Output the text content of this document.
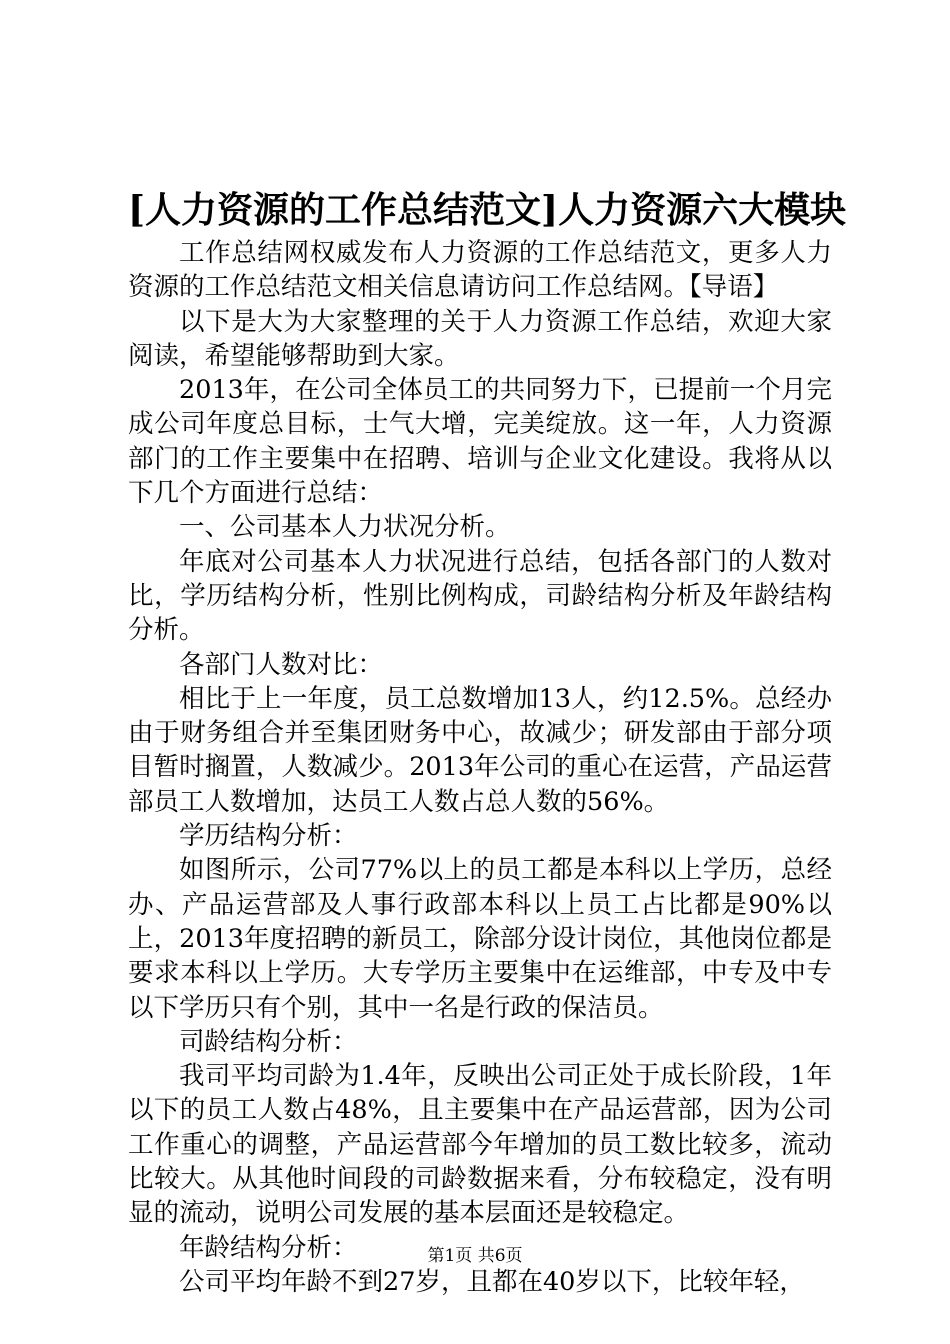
[人力资源的工作总结范文]人力资源六大模块

工作总结网权威发布人力资源的工作总结范文，更多人力资源的工作总结范文相关信息请访问工作总结网。【导语】

以下是大为大家整理的关于人力资源工作总结，欢迎大家阅读，希望能够帮助到大家。

2013年，在公司全体员工的共同努力下，已提前一个月完成公司年度总目标，士气大增，完美绽放。这一年，人力资源部门的工作主要集中在招聘、培训与企业文化建设。我将从以下几个方面进行总结：

一、公司基本人力状况分析。

年底对公司基本人力状况进行总结，包括各部门的人数对比，学历结构分析，性别比例构成，司龄结构分析及年龄结构分析。

各部门人数对比：

相比于上一年度，员工总数增加13人，约12.5%。总经办由于财务组合并至集团财务中心，故减少；研发部由于部分项目暂时搁置，人数减少。2013年公司的重心在运营，产品运营部员工人数增加，达员工人数占总人数的56%。

学历结构分析：

如图所示，公司77%以上的员工都是本科以上学历，总经办、产品运营部及人事行政部本科以上员工占比都是90%以上，2013年度招聘的新员工，除部分设计岗位，其他岗位都是要求本科以上学历。大专学历主要集中在运维部，中专及中专以下学历只有个别，其中一名是行政的保洁员。

司龄结构分析：

我司平均司龄为1.4年，反映出公司正处于成长阶段，1年以下的员工人数占48%，且主要集中在产品运营部，因为公司工作重心的调整，产品运营部今年增加的员工数比较多，流动比较大。从其他时间段的司龄数据来看，分布较稳定，没有明显的流动，说明公司发展的基本层面还是较稳定。

年龄结构分析：

公司平均年龄不到27岁，且都在40岁以下，比较年轻，

第1页 共6页
